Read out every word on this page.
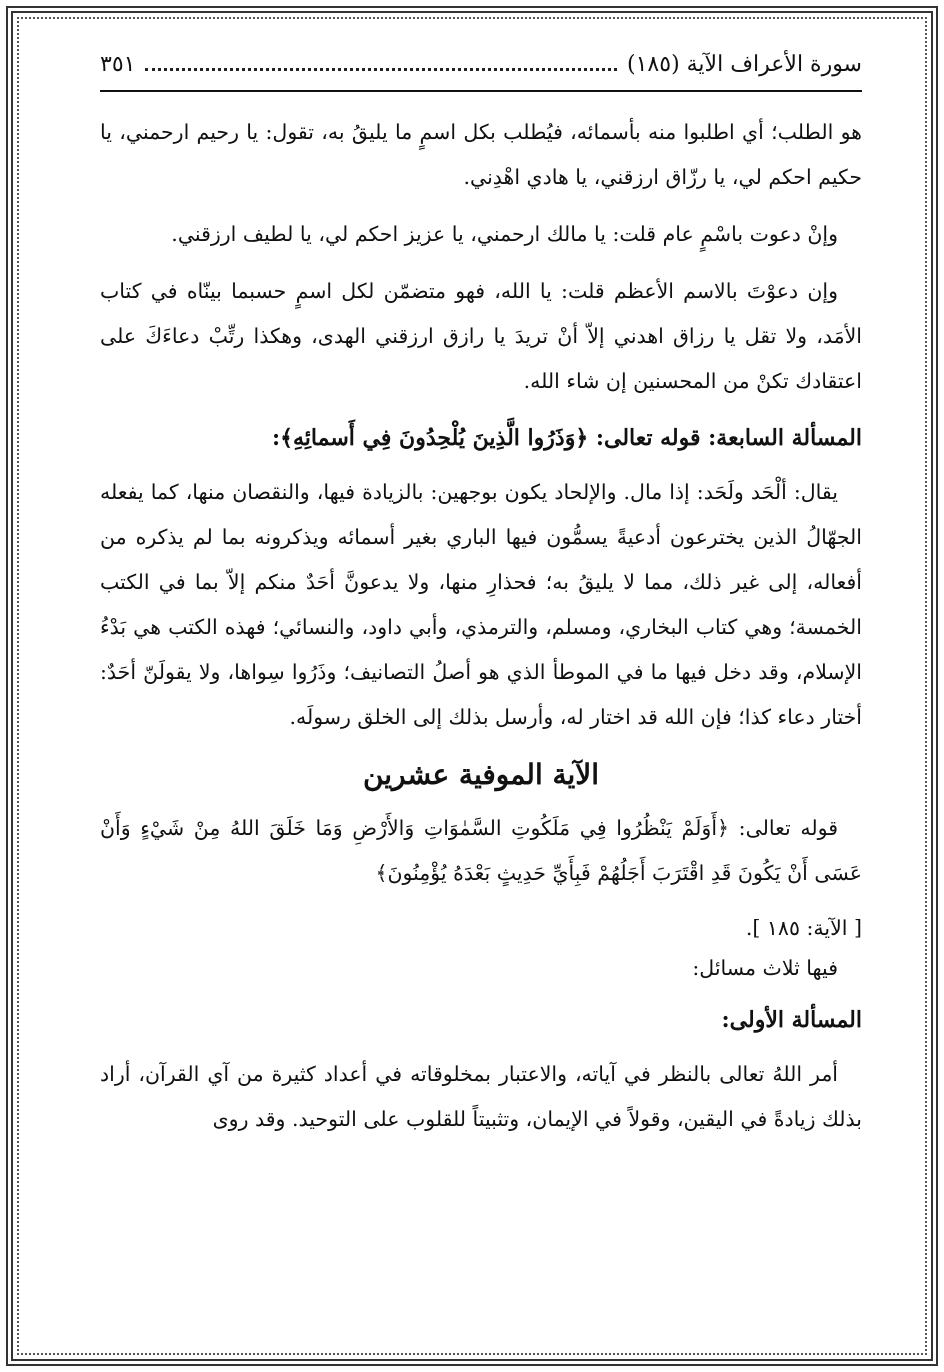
سورة الأعراف الآية (١٨٥)
٣٥١

هو الطلب؛ أي اطلبوا منه بأسمائه، فيُطلب بكل اسمٍ ما يليقُ به، تقول: يا رحيم ارحمني، يا حكيم احكم لي، يا رزّاق ارزقني، يا هادي اهْدِني.

وإنْ دعوت باسْمٍ عام قلت: يا مالك ارحمني، يا عزيز احكم لي، يا لطيف ارزقني.

وإن دعوْتَ بالاسم الأعظم قلت: يا الله، فهو متضمّن لكل اسمٍ حسبما بينّاه في كتاب الأمَد، ولا تقل يا رزاق اهدني إلاّ أنْ تريدَ يا رازق ارزقني الهدى، وهكذا رتِّبْ دعاءَكَ على اعتقادك تكنْ من المحسنين إن شاء الله.

المسألة السابعة: قوله تعالى: ﴿وَذَرُوا الَّذِينَ يُلْحِدُونَ فِي أَسمائِهِ﴾:

يقال: ألْحَد ولَحَد: إذا مال. والإلحاد يكون بوجهين: بالزيادة فيها، والنقصان منها، كما يفعله الجهّالُ الذين يخترعون أدعيةً يسمُّون فيها الباري بغير أسمائه ويذكرونه بما لم يذكره من أفعاله، إلى غير ذلك، مما لا يليقُ به؛ فحذارِ منها، ولا يدعونَّ أحَدٌ منكم إلاّ بما في الكتب الخمسة؛ وهي كتاب البخاري، ومسلم، والترمذي، وأبي داود، والنسائي؛ فهذه الكتب هي بَدْءُ الإسلام، وقد دخل فيها ما في الموطأ الذي هو أصلُ التصانيف؛ وذَرُوا سِواها، ولا يقولَنّ أحَدٌ: أختار دعاء كذا؛ فإن الله قد اختار له، وأرسل بذلك إلى الخلق رسولَه.

الآية الموفية عشرين

قوله تعالى: ﴿أَوَلَمْ يَنْظُرُوا فِي مَلَكُوتِ السَّمٰوَاتِ وَالأَرْضِ وَمَا خَلَقَ اللهُ مِنْ شَيْءٍ وَأَنْ عَسَى أَنْ يَكُونَ قَدِ اقْتَرَبَ أَجَلُهُمْ فَبِأَيِّ حَدِيثٍ بَعْدَهُ يُؤْمِنُونَ﴾

[ الآية: ١٨٥ ].

فيها ثلاث مسائل:

المسألة الأولى:

أمر اللهُ تعالى بالنظر في آياته، والاعتبار بمخلوقاته في أعداد كثيرة من آي القرآن، أراد بذلك زيادةً في اليقين، وقولاً في الإيمان، وتثبيتاً للقلوب على التوحيد. وقد روى
